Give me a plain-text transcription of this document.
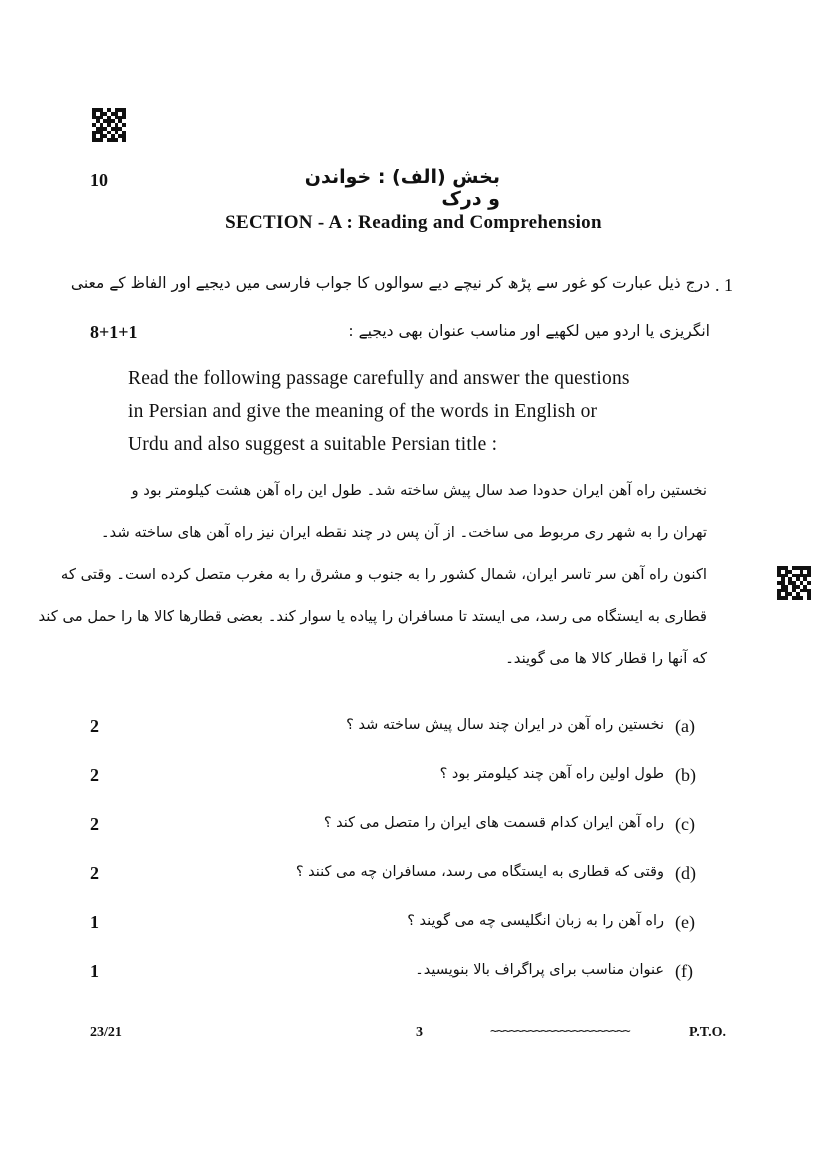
10	بخش (الف) : خواندن و درک
SECTION - A : Reading and Comprehension
. 1
درج ذیل عبارت کو غور سے پڑھ کر نیچے دیے سوالوں کا جواب فارسی میں دیجیے اور الفاظ کے معنی
8+1+1	انگریزی یا اردو میں لکھیے اور مناسب عنوان بھی دیجیے :
Read the following passage carefully and answer the questions
in Persian and give the meaning of the words in English or
Urdu and also suggest a suitable Persian title :
نخستین راه آهن ایران حدودا صد سال پیش ساخته شد۔ طول این راه آهن هشت کیلومتر بود و
تهران را به شهر ری مربوط می ساخت۔ از آن پس در چند نقطه ایران نیز راه آهن های ساخته شد۔
اکنون راه آهن سر تاسر ایران، شمال کشور را به جنوب و مشرق را به مغرب متصل کرده است۔ وقتی که
قطاری به ایستگاه می رسد، می ایستد تا مسافران را پیاده یا سوار کند۔ بعضی قطارها کالا ها را حمل می کند
که آنها را قطار کالا ها می گویند۔
2	نخستین راه آهن در ایران چند سال پیش ساخته شد ؟ (a)
2	طول اولین راه آهن چند کیلومتر بود ؟ (b)
2	راه آهن ایران کدام قسمت های ایران را متصل می کند ؟ (c)
2	وقتی که قطاری به ایستگاه می رسد، مسافران چه می کنند ؟ (d)
1	راه آهن را به زبان انگلیسی چه می گویند ؟ (e)
1	عنوان مناسب برای پراگراف بالا بنویسید۔ (f)
23/21	3	~~~~~~~~~~~~~~~~~~~~~~	P.T.O.
